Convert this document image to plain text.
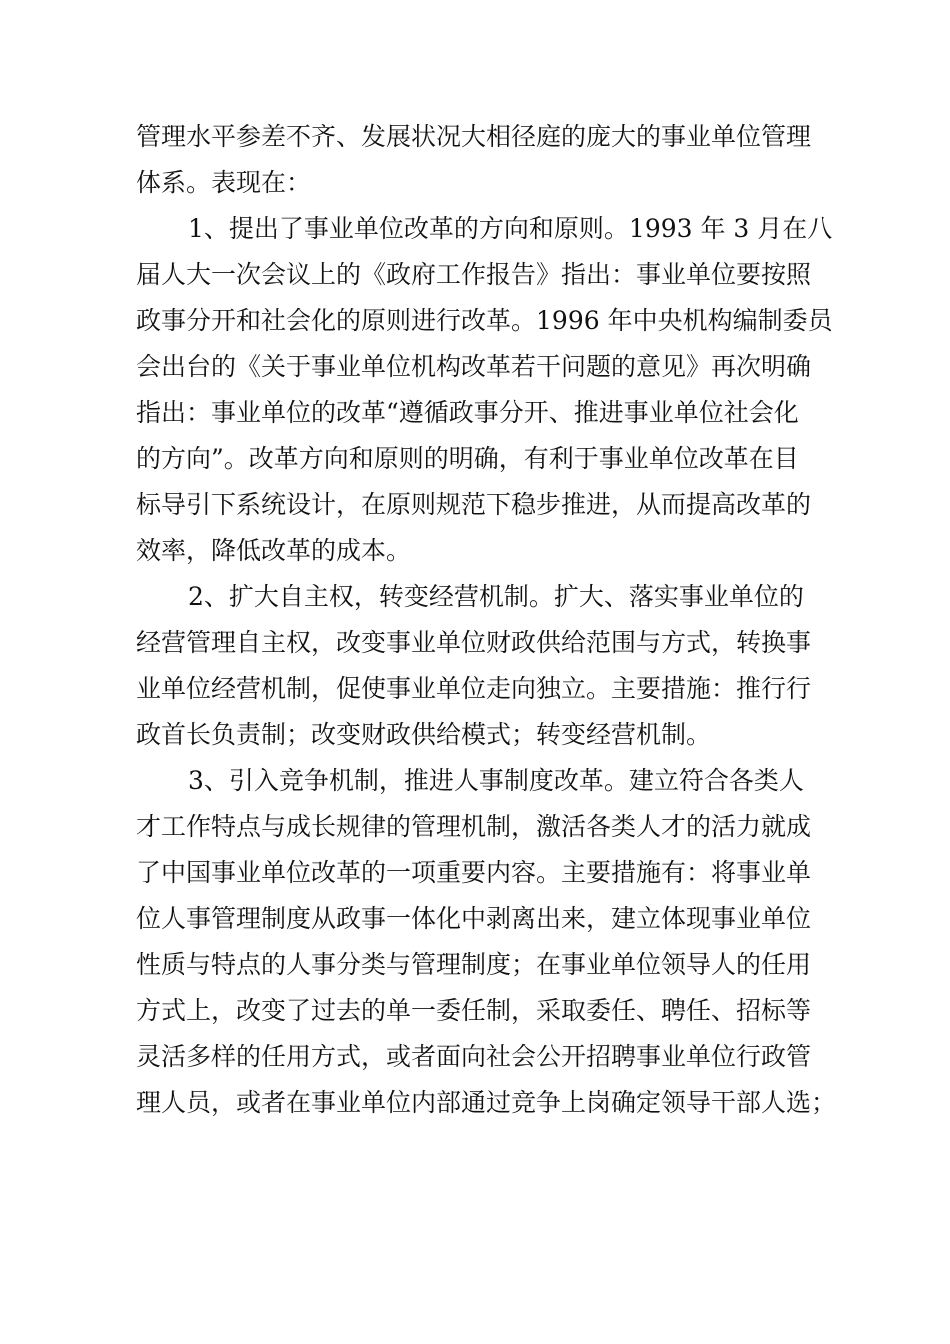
管理水平参差不齐、发展状况大相径庭的庞大的事业单位管理
体系。表现在：
1、提出了事业单位改革的方向和原则。1993 年 3 月在八
届人大一次会议上的《政府工作报告》指出：事业单位要按照
政事分开和社会化的原则进行改革。1996 年中央机构编制委员
会出台的《关于事业单位机构改革若干问题的意见》再次明确
指出：事业单位的改革“遵循政事分开、推进事业单位社会化
的方向”。改革方向和原则的明确，有利于事业单位改革在目
标导引下系统设计，在原则规范下稳步推进，从而提高改革的
效率，降低改革的成本。
2、扩大自主权，转变经营机制。扩大、落实事业单位的
经营管理自主权，改变事业单位财政供给范围与方式，转换事
业单位经营机制，促使事业单位走向独立。主要措施：推行行
政首长负责制；改变财政供给模式；转变经营机制。
3、引入竞争机制，推进人事制度改革。建立符合各类人
才工作特点与成长规律的管理机制，激活各类人才的活力就成
了中国事业单位改革的一项重要内容。主要措施有：将事业单
位人事管理制度从政事一体化中剥离出来，建立体现事业单位
性质与特点的人事分类与管理制度；在事业单位领导人的任用
方式上，改变了过去的单一委任制，采取委任、聘任、招标等
灵活多样的任用方式，或者面向社会公开招聘事业单位行政管
理人员，或者在事业单位内部通过竞争上岗确定领导干部人选；
